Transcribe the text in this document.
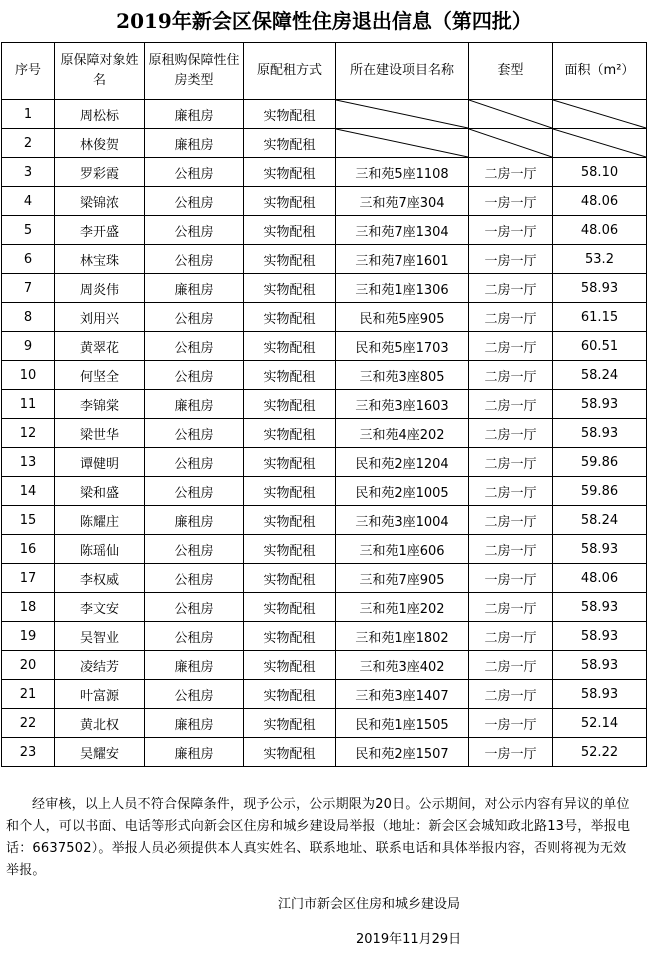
2019年新会区保障性住房退出信息（第四批）
序号	原保障对象姓名	原租购保障性住房类型	原配租方式	所在建设项目名称	套型	面积（m²）
1	周松标	廉租房	实物配租	

2	林俊贺	廉租房	实物配租	

3	罗彩霞	公租房	实物配租	三和苑5座1108	二房一厅	58.10
4	梁锦浓	公租房	实物配租	三和苑7座304	一房一厅	48.06
5	李开盛	公租房	实物配租	三和苑7座1304	一房一厅	48.06
6	林宝珠	公租房	实物配租	三和苑7座1601	一房一厅	53.2
7	周炎伟	廉租房	实物配租	三和苑1座1306	二房一厅	58.93
8	刘用兴	公租房	实物配租	民和苑5座905	二房一厅	61.15
9	黄翠花	公租房	实物配租	民和苑5座1703	二房一厅	60.51
10	何坚全	公租房	实物配租	三和苑3座805	二房一厅	58.24
11	李锦棠	廉租房	实物配租	三和苑3座1603	二房一厅	58.93
12	梁世华	公租房	实物配租	三和苑4座202	二房一厅	58.93
13	谭健明	公租房	实物配租	民和苑2座1204	二房一厅	59.86
14	梁和盛	公租房	实物配租	民和苑2座1005	二房一厅	59.86
15	陈耀庄	廉租房	实物配租	三和苑3座1004	二房一厅	58.24
16	陈瑶仙	公租房	实物配租	三和苑1座606	二房一厅	58.93
17	李权威	公租房	实物配租	三和苑7座905	一房一厅	48.06
18	李文安	公租房	实物配租	三和苑1座202	二房一厅	58.93
19	吴智业	公租房	实物配租	三和苑1座1802	二房一厅	58.93
20	凌结芳	廉租房	实物配租	三和苑3座402	二房一厅	58.93
21	叶富源	公租房	实物配租	三和苑3座1407	二房一厅	58.93
22	黄北权	廉租房	实物配租	民和苑1座1505	一房一厅	52.14
23	吴耀安	廉租房	实物配租	民和苑2座1507	一房一厅	52.22
经审核，以上人员不符合保障条件，现予公示，公示期限为20日。公示期间，对公示内容有异议的单位和个人，可以书面、电话等形式向新会区住房和城乡建设局举报（地址：新会区会城知政北路13号，举报电话：6637502）。举报人员必须提供本人真实姓名、联系地址、联系电话和具体举报内容，否则将视为无效举报。
江门市新会区住房和城乡建设局
2019年11月29日
